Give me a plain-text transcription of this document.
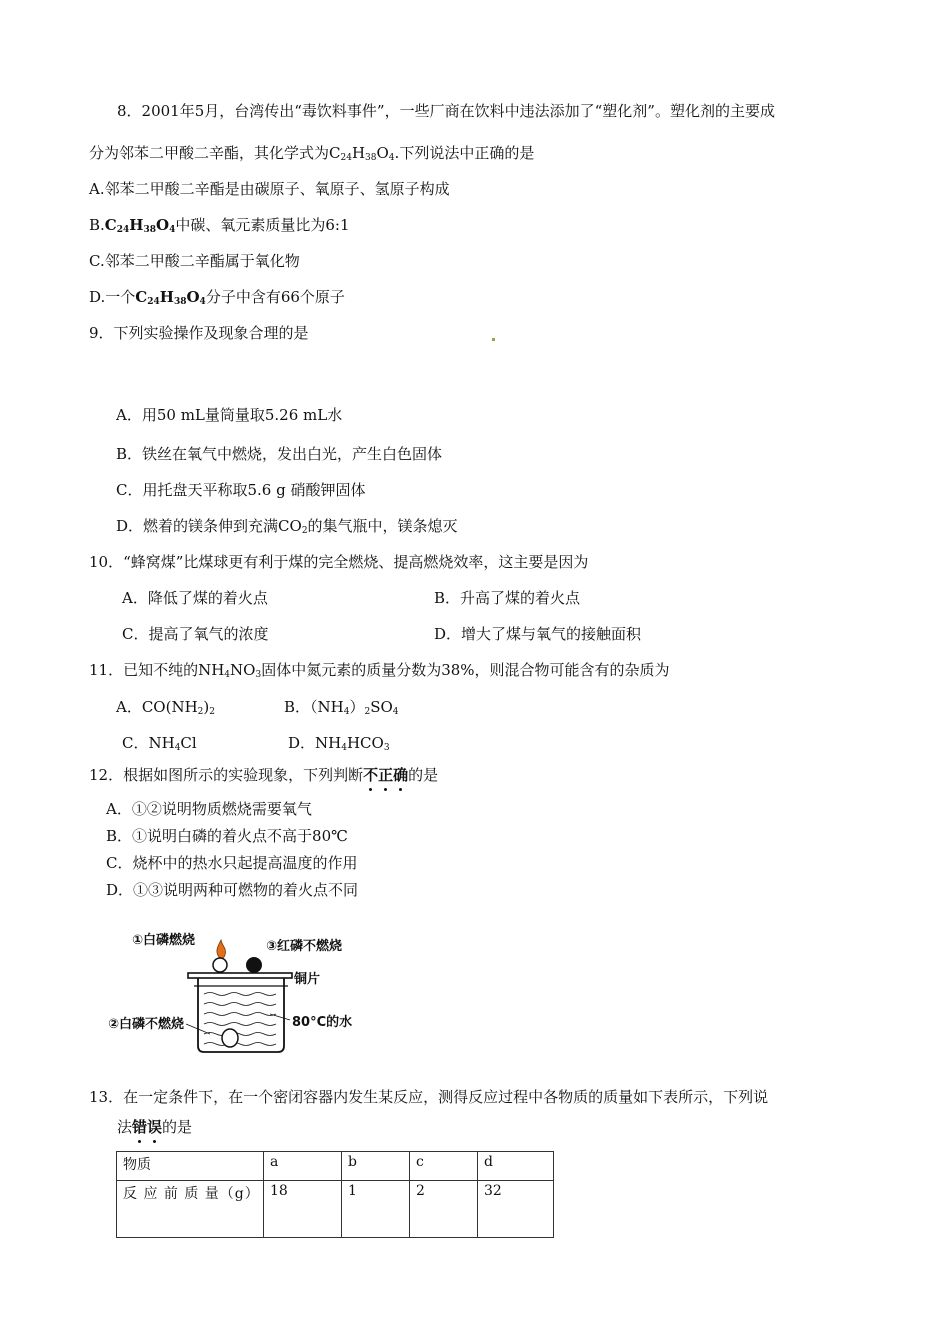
8．2001年5月，台湾传出“毒饮料事件”，一些厂商在饮料中违法添加了“塑化剂”。塑化剂的主要成
分为邻苯二甲酸二辛酯，其化学式为$C_{24}H_{38}O_4$.下列说法中正确的是
A.邻苯二甲酸二辛酯是由碳原子、氧原子、氢原子构成
$B.C_{24}H_{38}O_4$中碳、氧元素质量比为6:1
C.邻苯二甲酸二辛酯属于氧化物
D.一个$C_{24}H_{38}O_4$分子中含有66个原子
9．下列实验操作及现象合理的是
A．用50 mL量筒量取5.26 mL水
B．铁丝在氧气中燃烧，发出白光，产生白色固体
C．用托盘天平称取5.6 g 硝酸钾固体
D．燃着的镁条伸到充满$CO_2$的集气瓶中，镁条熄灭
10．“蜂窝煤”比煤球更有利于煤的完全燃烧、提高燃烧效率，这主要是因为
A．降低了煤的着火点	B．升高了煤的着火点
C．提高了氧气的浓度	D．增大了煤与氧气的接触面积
11．已知不纯的$NH_4NO_3$固体中氮元素的质量分数为38%，则混合物可能含有的杂质为
A．$CO(NH_2)_2$	B．$(NH_4)_2SO_4$
C．$NH_4Cl$	D．$NH_4HCO_3$
12．根据如图所示的实验现象，下列判断不正确的是
A．①②说明物质燃烧需要氧气
B．①说明白磷的着火点不高于80℃
C．烧杯中的热水只起提高温度的作用
D．①③说明两种可燃物的着火点不同
①白磷燃烧	③红磷不燃烧
铜片
②白磷不燃烧	80°C的水
13．在一定条件下，在一个密闭容器内发生某反应，测得反应过程中各物质的质量如下表所示，下列说
法错误的是
物质	a	b	c	d
反 应 前 质 量（g）	18	1	2	32
